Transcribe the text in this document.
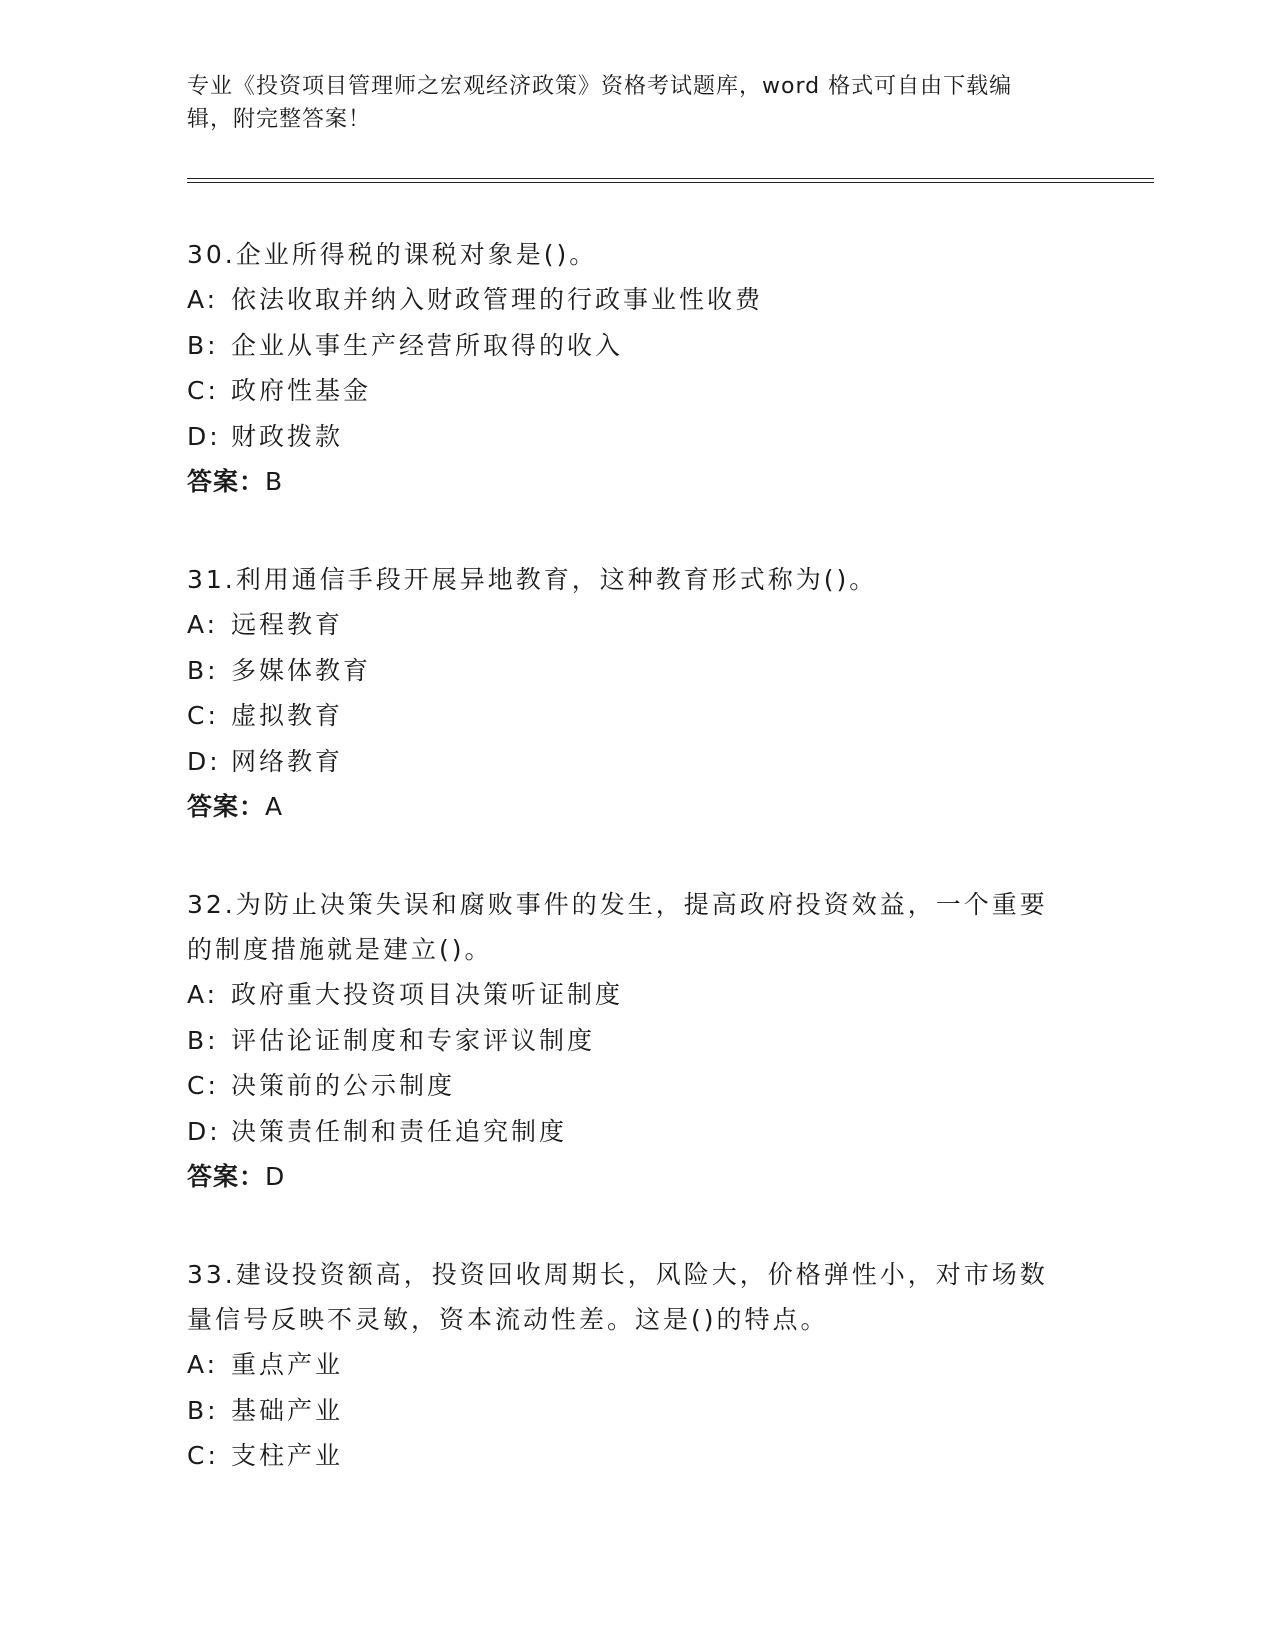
专业《投资项目管理师之宏观经济政策》资格考试题库，word 格式可自由下载编
辑，附完整答案！
30.企业所得税的课税对象是()。
A: 依法收取并纳入财政管理的行政事业性收费
B: 企业从事生产经营所取得的收入
C: 政府性基金
D: 财政拨款
答案：B
31.利用通信手段开展异地教育，这种教育形式称为()。
A: 远程教育
B: 多媒体教育
C: 虚拟教育
D: 网络教育
答案：A
32.为防止决策失误和腐败事件的发生，提高政府投资效益，一个重要
的制度措施就是建立()。
A: 政府重大投资项目决策听证制度
B: 评估论证制度和专家评议制度
C: 决策前的公示制度
D: 决策责任制和责任追究制度
答案：D
33.建设投资额高，投资回收周期长，风险大，价格弹性小，对市场数
量信号反映不灵敏，资本流动性差。这是()的特点。
A: 重点产业
B: 基础产业
C: 支柱产业
